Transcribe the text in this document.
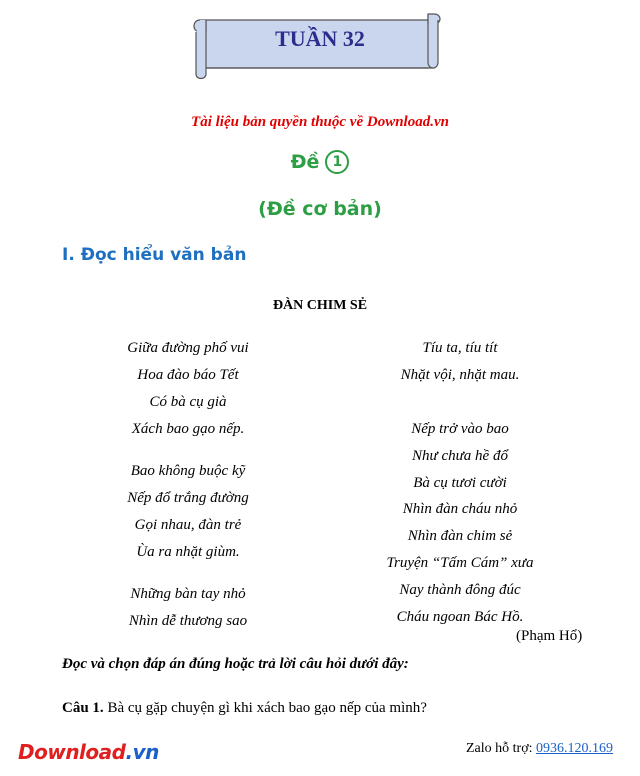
TUẦN 32
Tài liệu bản quyền thuộc về Download.vn
Đề 1
(Đề cơ bản)
I. Đọc hiểu văn bản
ĐÀN CHIM SẺ
Giữa đường phố vui
Hoa đào báo Tết
Có bà cụ già
Xách bao gạo nếp.
Bao không buộc kỹ
Nếp đổ trắng đường
Gọi nhau, đàn trẻ
Ùa ra nhặt giùm.
Những bàn tay nhỏ
Nhìn dễ thương sao
Tíu ta, tíu tít
Nhặt vội, nhặt mau.
Nếp trở vào bao
Như chưa hề đổ
Bà cụ tươi cười
Nhìn đàn cháu nhỏ
Nhìn đàn chim sẻ
Truyện “Tấm Cám” xưa
Nay thành đông đúc
Cháu ngoan Bác Hồ.
(Phạm Hổ)
Đọc và chọn đáp án đúng hoặc trả lời câu hỏi dưới đây:
Câu 1. Bà cụ gặp chuyện gì khi xách bao gạo nếp của mình?
Download.vn	Zalo hỗ trợ: 0936.120.169
